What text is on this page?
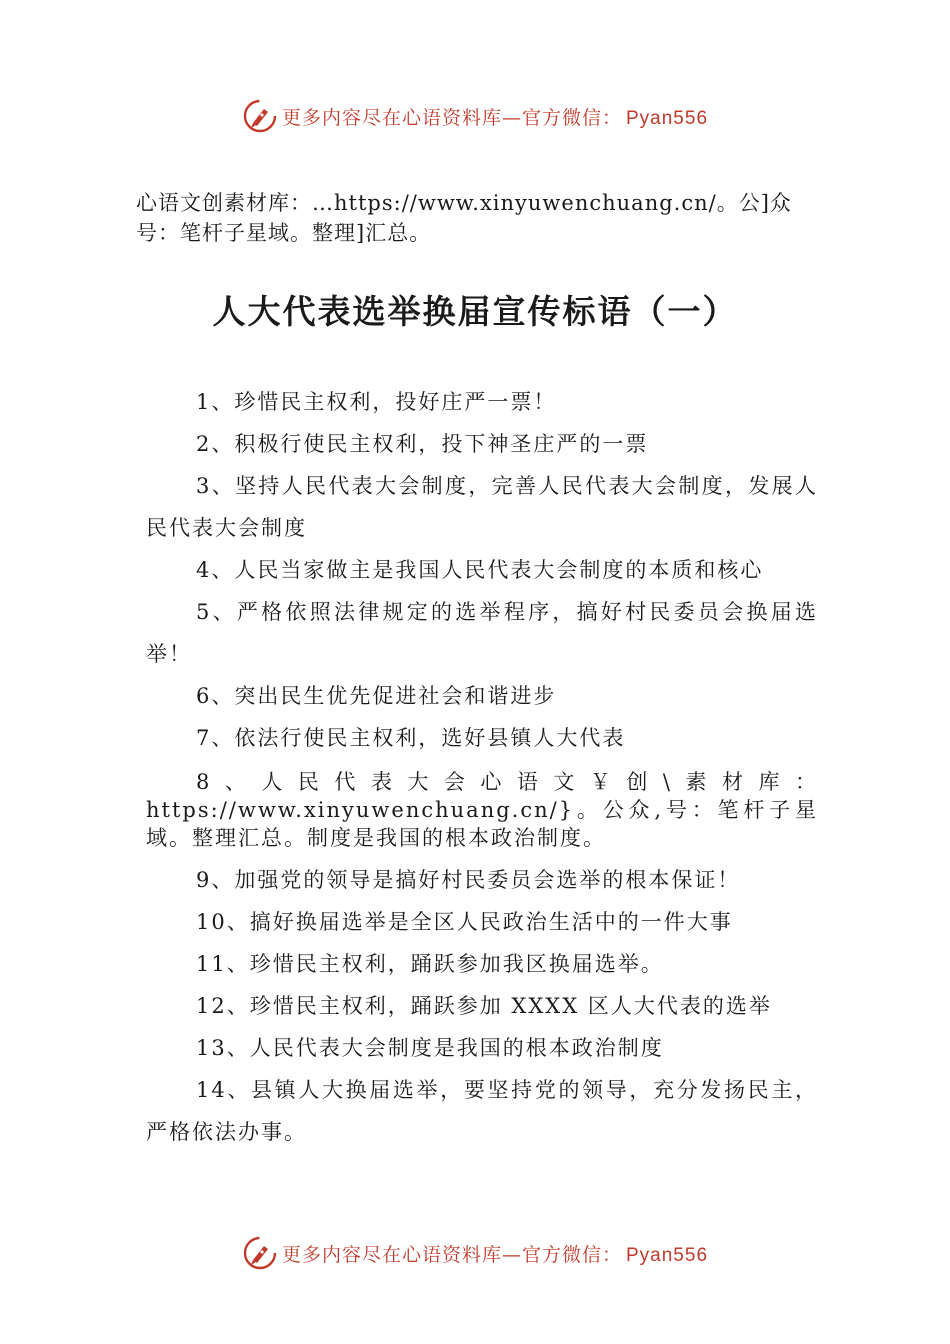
更多内容尽在心语资料库—官方微信： Pyan556
心语文创素材库：…https://www.xinyuwenchuang.cn/。公]众号：笔杆子星域。整理]汇总。
人大代表选举换届宣传标语（一）

1、珍惜民主权利，投好庄严一票！

2、积极行使民主权利，投下神圣庄严的一票

3、坚持人民代表大会制度，完善人民代表大会制度，发展人民代表大会制度

4、人民当家做主是我国人民代表大会制度的本质和核心

5、严格依照法律规定的选举程序，搞好村民委员会换届选举！

6、突出民生优先促进社会和谐进步

7、依法行使民主权利，选好县镇人大代表

8、人民代表大会心语文￥创\素材库：https://www.xinyuwenchuang.cn/}。公众,号：笔杆子星域。整理汇总。制度是我国的根本政治制度。

9、加强党的领导是搞好村民委员会选举的根本保证！

10、搞好换届选举是全区人民政治生活中的一件大事

11、珍惜民主权利，踊跃参加我区换届选举。

12、珍惜民主权利，踊跃参加 XXXX 区人大代表的选举

13、人民代表大会制度是我国的根本政治制度

14、县镇人大换届选举，要坚持党的领导，充分发扬民主，严格依法办事。

更多内容尽在心语资料库—官方微信： Pyan556
